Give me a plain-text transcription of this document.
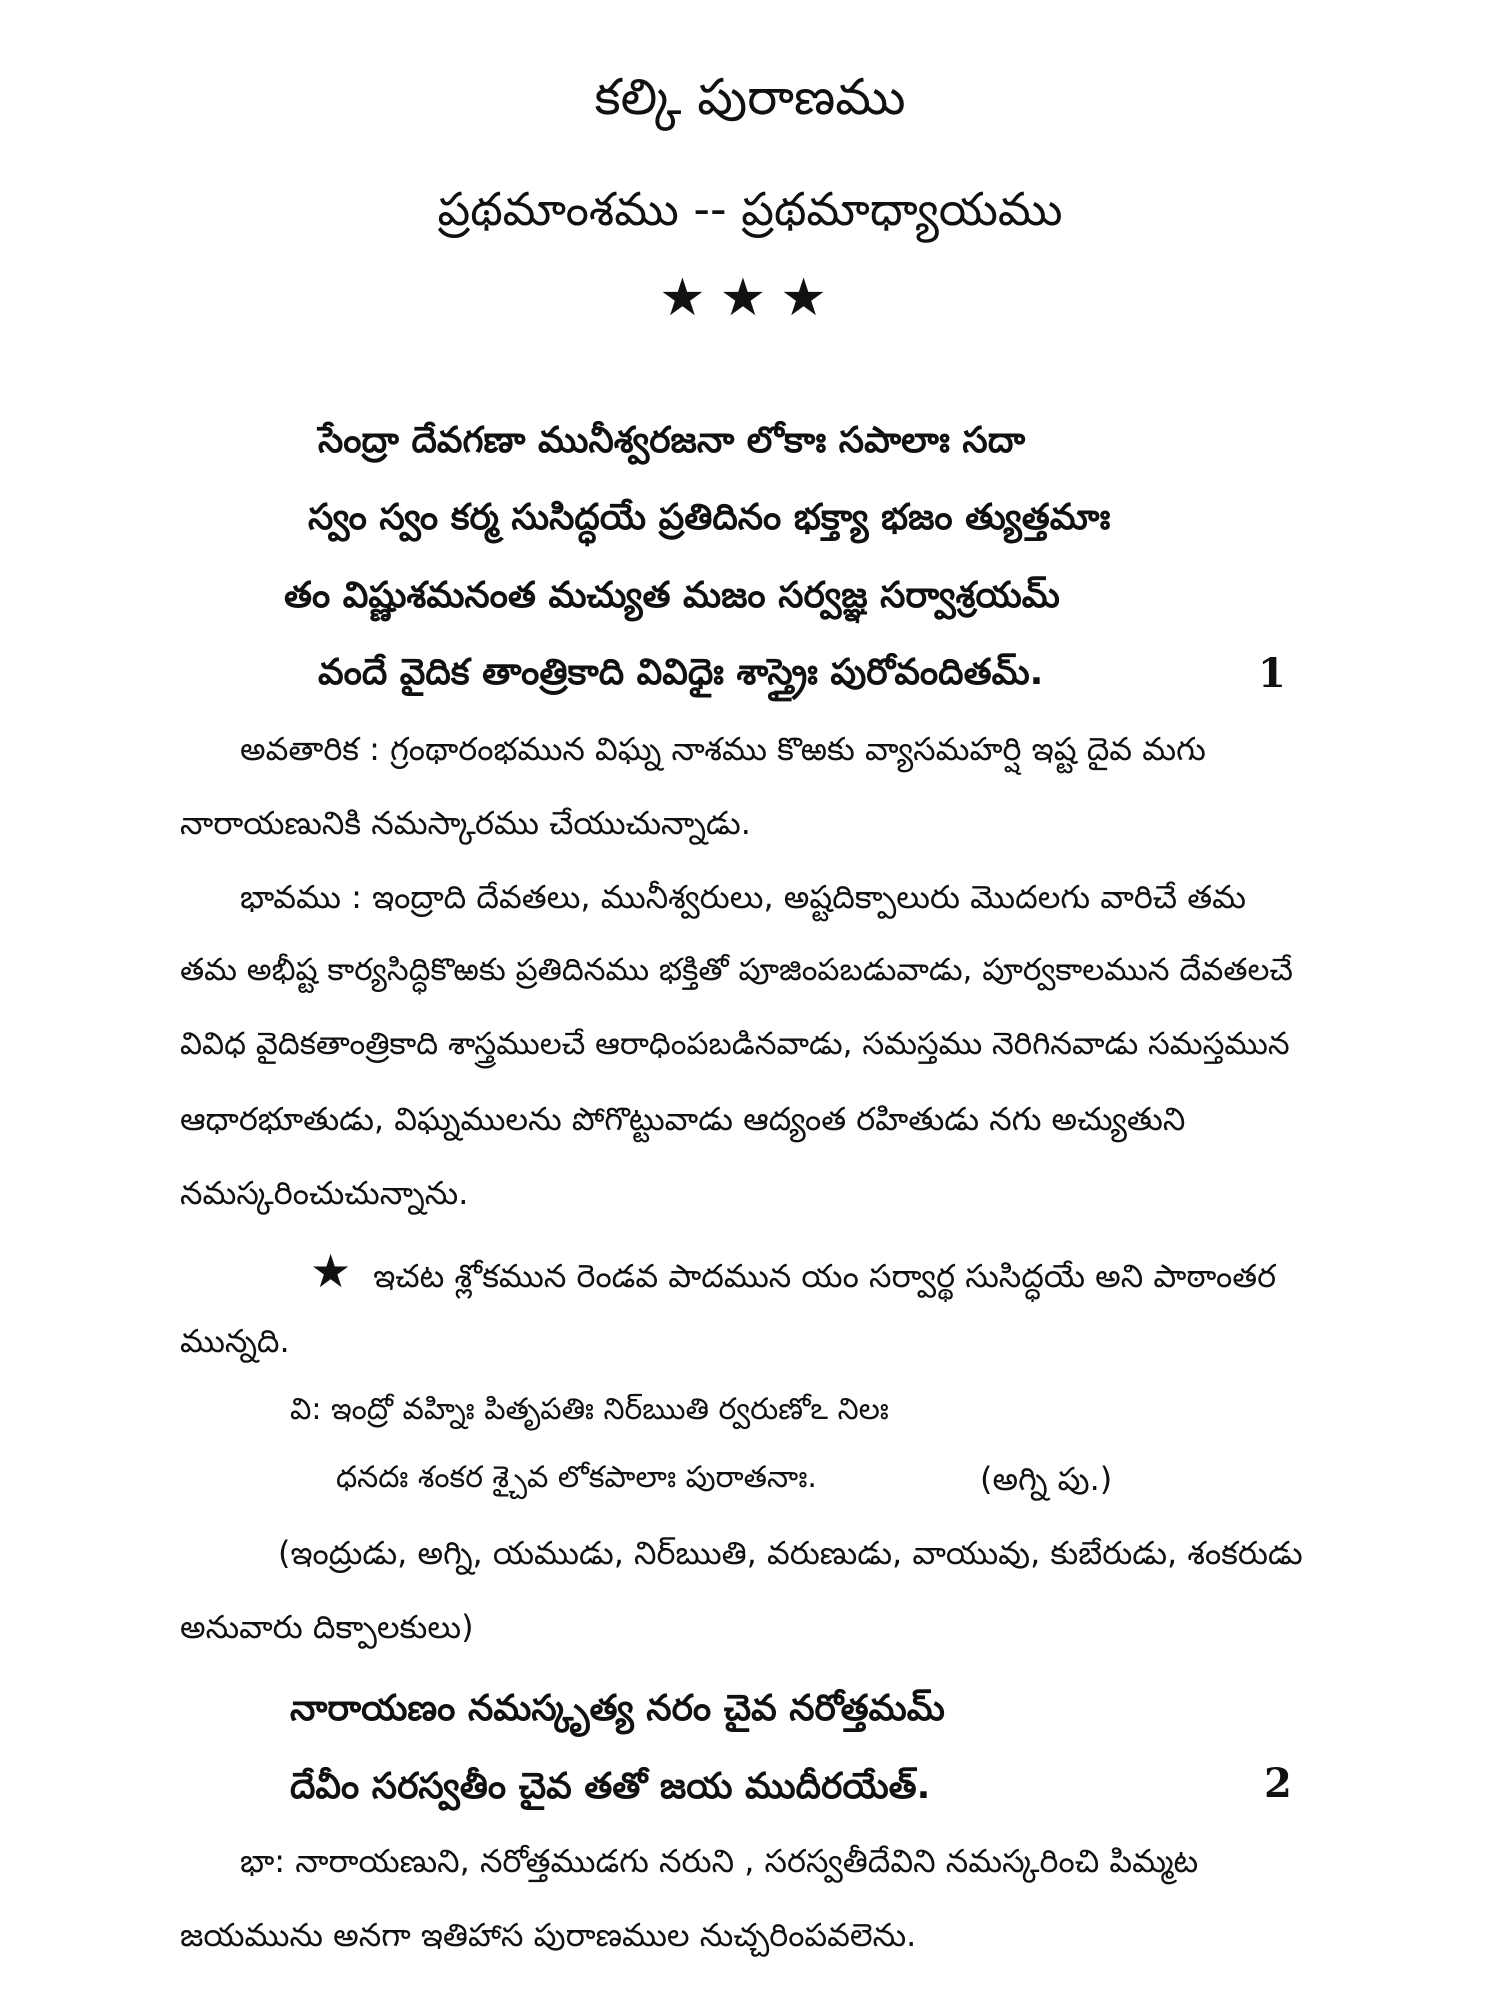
కల్కి పురాణము
ప్రథమాంశము -- ప్రథమాధ్యాయము
★★★
సేంద్రా దేవగణా మునీశ్వరజనా లోకాః సపాలాః సదా
స్వం స్వం కర్మ సుసిద్ధయే ప్రతిదినం భక్త్యా భజం త్యుత్తమాః
తం విష్ణుశమనంత మచ్యుత మజం సర్వజ్ఞ సర్వాశ్రయమ్
వందే వైదిక తాంత్రికాది వివిధైః శాస్త్రైః పురోవందితమ్.	1
అవతారిక : గ్రంథారంభమున విఘ్న నాశము కొఱకు వ్యాసమహర్షి ఇష్ట దైవ మగు
నారాయణునికి నమస్కారము చేయుచున్నాడు.
భావము : ఇంద్రాది దేవతలు, మునీశ్వరులు, అష్టదిక్పాలురు మొదలగు వారిచే తమ
తమ అభీష్ట కార్యసిద్ధికొఱకు ప్రతిదినము భక్తితో పూజింపబడువాడు, పూర్వకాలమున దేవతలచే
వివిధ వైదికతాంత్రికాది శాస్త్రములచే ఆరాధింపబడినవాడు, సమస్తము నెరిగినవాడు సమస్తమున
ఆధారభూతుడు, విఘ్నములను పోగొట్టువాడు ఆద్యంత రహితుడు నగు అచ్యుతుని
నమస్కరించుచున్నాను.
★ ఇచట శ్లోకమున రెండవ పాదమున యం సర్వార్థ సుసిద్ధయే అని పాఠాంతర
మున్నది.
వి: ఇంద్రో వహ్నిః పితృపతిః నిర్‌ఋతి ర్వరుణోఽ నిలః
ధనదః శంకర శ్చైవ లోకపాలాః పురాతనాః.	(అగ్ని పు.)
(ఇంద్రుడు, అగ్ని, యముడు, నిర్‌ఋతి, వరుణుడు, వాయువు, కుబేరుడు, శంకరుడు
అనువారు దిక్పాలకులు)
నారాయణం నమస్కృత్య నరం చైవ నరోత్తమమ్
దేవీం సరస్వతీం చైవ తతో జయ ముదీరయేత్.	2
భా: నారాయణుని, నరోత్తముడగు నరుని , సరస్వతీదేవిని నమస్కరించి పిమ్మట
జయమును అనగా ఇతిహాస పురాణముల నుచ్చరింపవలెను.
